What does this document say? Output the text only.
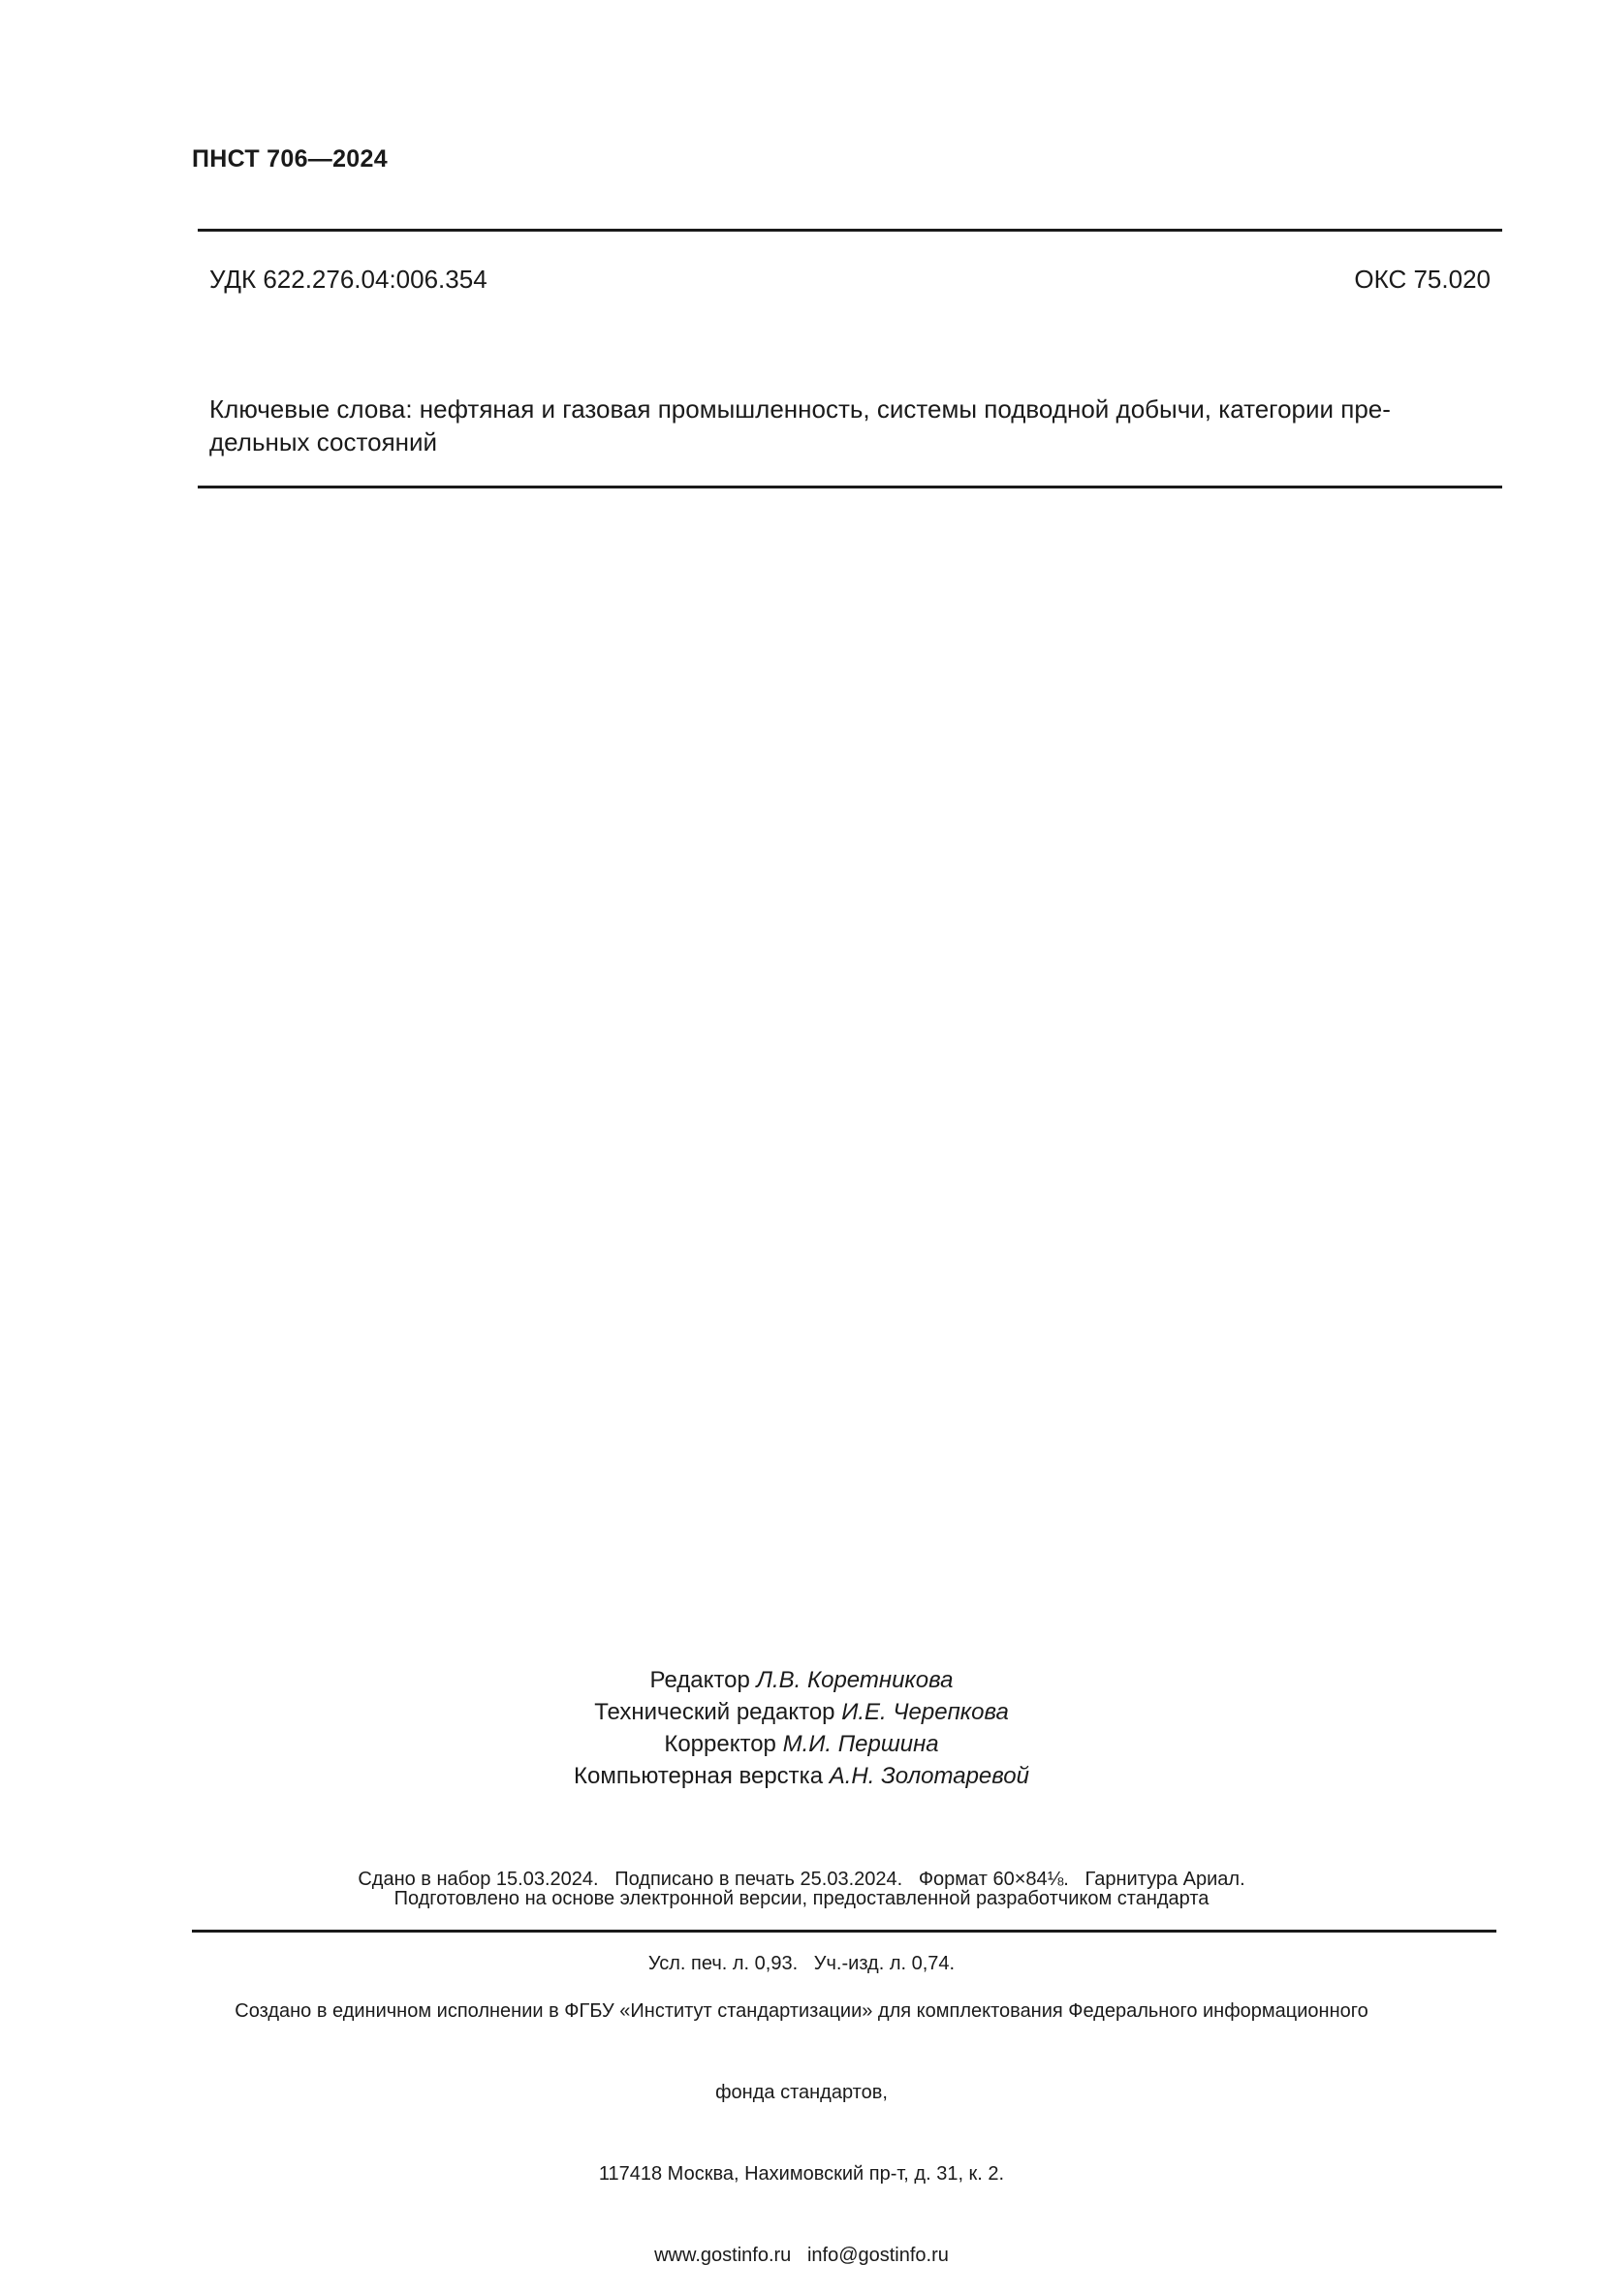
ПНСТ 706—2024
УДК 622.276.04:006.354	ОКС 75.020
Ключевые слова: нефтяная и газовая промышленность, системы подводной добычи, категории пре-
дельных состояний
Редактор Л.В. Коретникова
Технический редактор И.Е. Черепкова
Корректор М.И. Першина
Компьютерная верстка А.Н. Золотаревой

Сдано в набор 15.03.2024.   Подписано в печать 25.03.2024.   Формат 60×84⅛.   Гарнитура Ариал.

Усл. печ. л. 0,93.   Уч.-изд. л. 0,74.

Подготовлено на основе электронной версии, предоставленной разработчиком стандарта

Создано в единичном исполнении в ФГБУ «Институт стандартизации» для комплектования Федерального информационного

фонда стандартов,

117418 Москва, Нахимовский пр-т, д. 31, к. 2.

www.gostinfo.ru   info@gostinfo.ru
